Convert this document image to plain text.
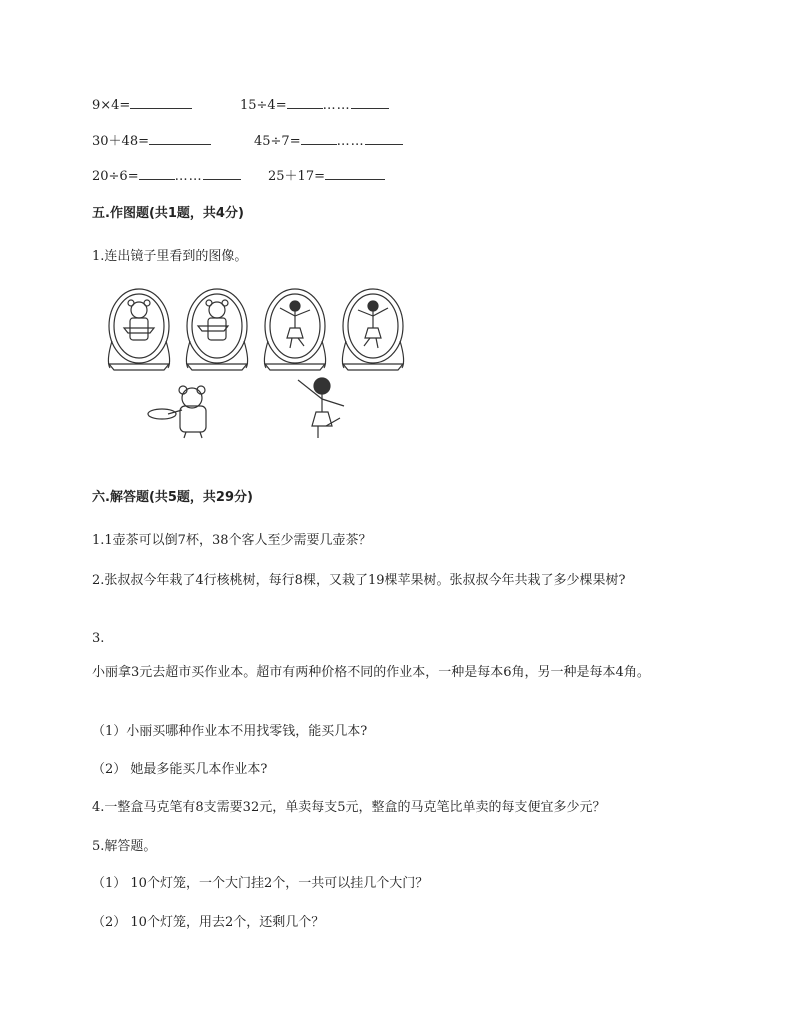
9×4=	15÷4=	……
30＋48=	45÷7=	……
20÷6=	……	25＋17=
五.作图题(共1题，共4分)
1.连出镜子里看到的图像。
六.解答题(共5题，共29分)
1.1壶茶可以倒7杯，38个客人至少需要几壶茶？
2.张叔叔今年栽了4行核桃树，每行8棵，又栽了19棵苹果树。张叔叔今年共栽了多少棵果树?
3.
小丽拿3元去超市买作业本。超市有两种价格不同的作业本，一种是每本6角，另一种是每本4角。
（1）小丽买哪种作业本不用找零钱，能买几本?
（2） 她最多能买几本作业本?
4.一整盒马克笔有8支需要32元，单卖每支5元，整盒的马克笔比单卖的每支便宜多少元？
5.解答题。
（1） 10个灯笼，一个大门挂2个，一共可以挂几个大门？
（2） 10个灯笼，用去2个，还剩几个？
